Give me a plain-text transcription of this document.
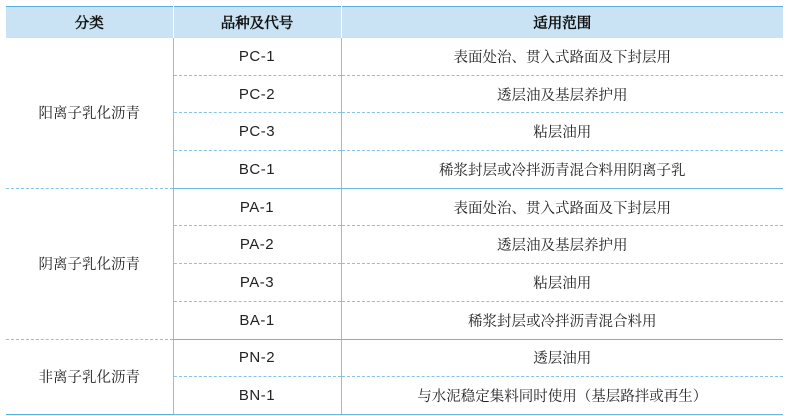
分类	品种及代号	适用范围
阳离子乳化沥青	PC-1	表面处治、贯入式路面及下封层用
	PC-2	透层油及基层养护用
	PC-3	粘层油用
	BC-1	稀浆封层或冷拌沥青混合料用阴离子乳
阴离子乳化沥青	PA-1	表面处治、贯入式路面及下封层用
	PA-2	透层油及基层养护用
	PA-3	粘层油用
	BA-1	稀浆封层或冷拌沥青混合料用
非离子乳化沥青	PN-2	透层油用
	BN-1	与水泥稳定集料同时使用（基层路拌或再生）
